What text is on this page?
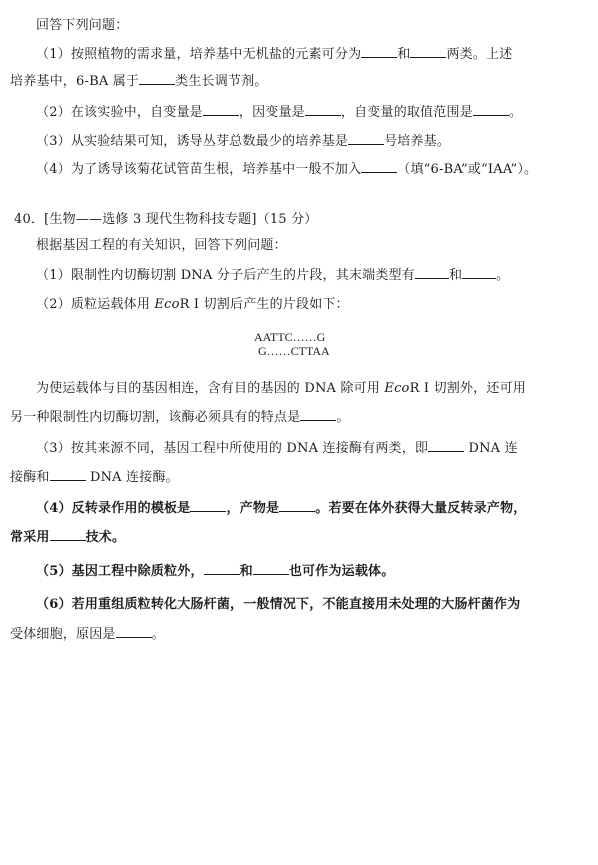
回答下列问题：
（1）按照植物的需求量，培养基中无机盐的元素可分为	和	两类。上述
培养基中，6-BA 属于	类生长调节剂。
（2）在该实验中，自变量是	，因变量是	，自变量的取值范围是	。
（3）从实验结果可知，诱导丛芽总数最少的培养基是	号培养基。
（4）为了诱导该菊花试管苗生根，培养基中一般不加入	（填“6-BA”或“IAA”）。
40．[生物——选修 3 现代生物科技专题]（15 分）
根据基因工程的有关知识，回答下列问题：
（1）限制性内切酶切割 DNA 分子后产生的片段，其末端类型有	和	。
（2）质粒运载体用 EcoR Ⅰ 切割后产生的片段如下：
AATTC……G
G……CTTAA
为使运载体与目的基因相连，含有目的基因的 DNA 除可用 EcoR Ⅰ 切割外，还可用
另一种限制性内切酶切割，该酶必须具有的特点是	。
（3）按其来源不同，基因工程中所使用的 DNA 连接酶有两类，即	DNA 连
接酶和	DNA 连接酶。
（4）反转录作用的模板是	，产物是	。若要在体外获得大量反转录产物，
常采用	技术。
（5）基因工程中除质粒外，	和	也可作为运载体。
（6）若用重组质粒转化大肠杆菌，一般情况下，不能直接用未处理的大肠杆菌作为
受体细胞，原因是	。
